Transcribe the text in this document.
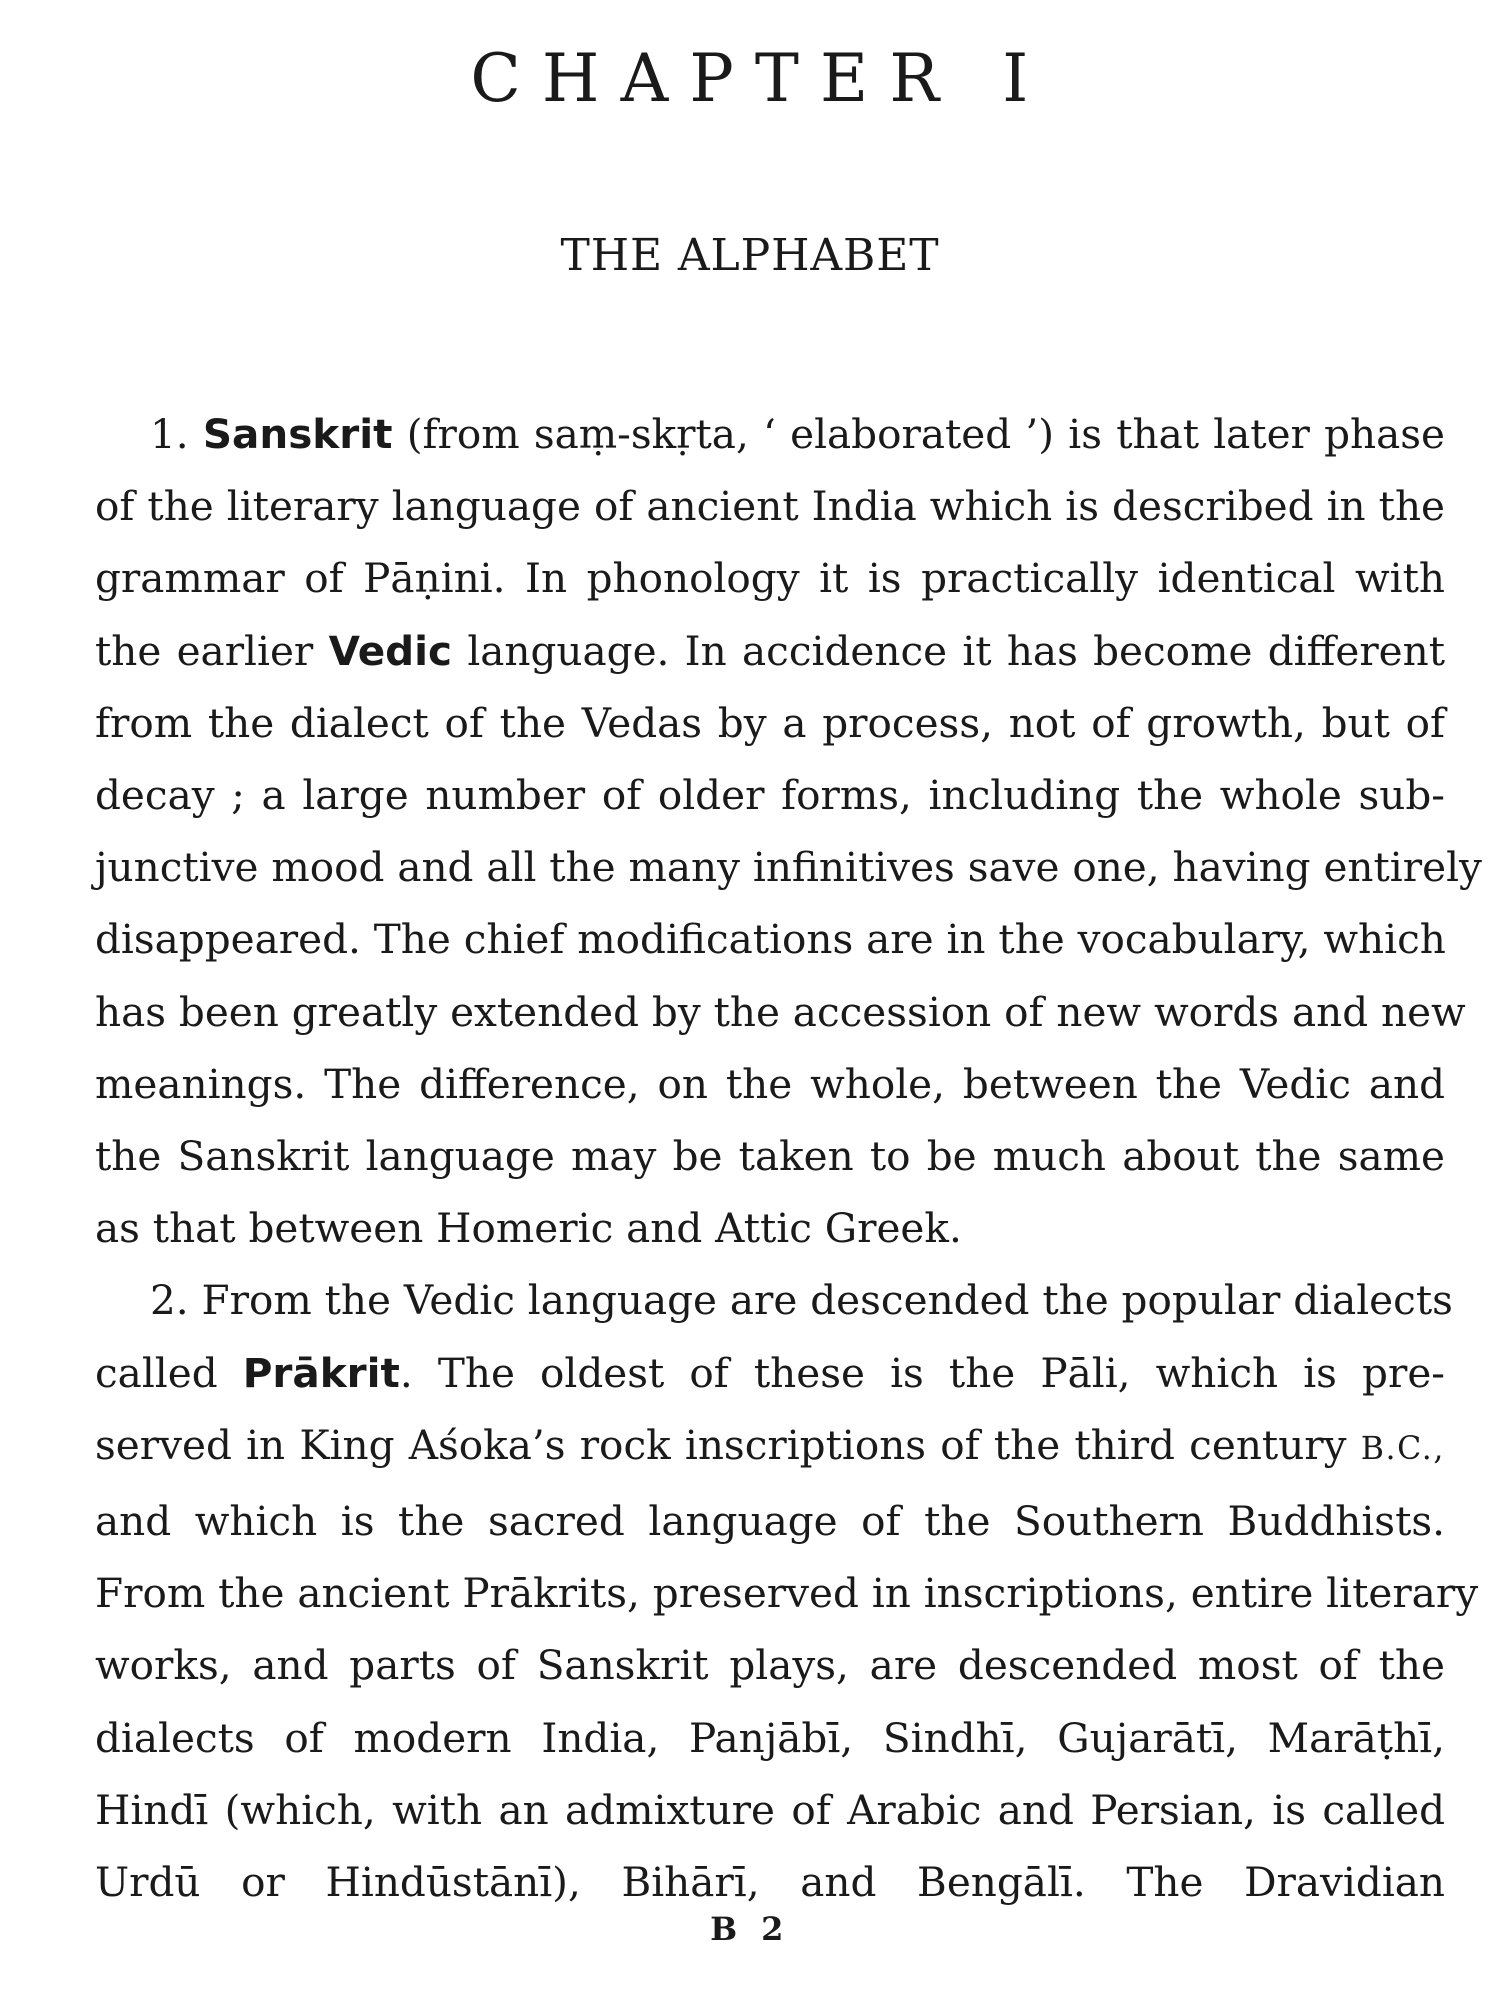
CHAPTER I
THE ALPHABET
1. Sanskrit (from saṃ-skṛta, ‘ elaborated ’) is that later phase
of the literary language of ancient India which is described in the
grammar of Pāṇini. In phonology it is practically identical with
the earlier Vedic language. In accidence it has become different
from the dialect of the Vedas by a process, not of growth, but of
decay ; a large number of older forms, including the whole sub-
junctive mood and all the many infinitives save one, having entirely
disappeared. The chief modifications are in the vocabulary, which
has been greatly extended by the accession of new words and new
meanings. The difference, on the whole, between the Vedic and
the Sanskrit language may be taken to be much about the same
as that between Homeric and Attic Greek.
2. From the Vedic language are descended the popular dialects
called Prākrit. The oldest of these is the Pāli, which is pre-
served in King Aśoka’s rock inscriptions of the third century B.C.,
and which is the sacred language of the Southern Buddhists.
From the ancient Prākrits, preserved in inscriptions, entire literary
works, and parts of Sanskrit plays, are descended most of the
dialects of modern India, Panjābī, Sindhī, Gujarātī, Marāṭhī,
Hindī (which, with an admixture of Arabic and Persian, is called
Urdū or Hindūstānī), Bihārī, and Bengālī. The Dravidian
B 2
